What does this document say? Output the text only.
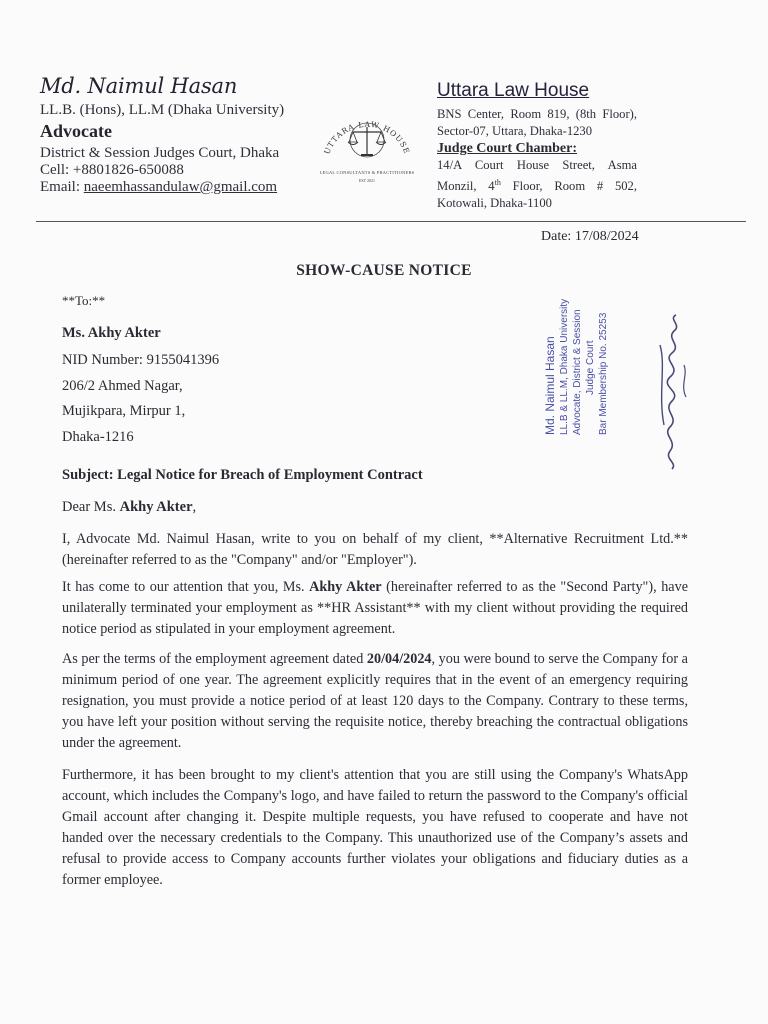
Md. Naimul Hasan
LL.B. (Hons), LL.M (Dhaka University)
Advocate
District & Session Judges Court, Dhaka
Cell: +8801826-650088
Email: naeemhassandulaw@gmail.com
UTTARA LAW HOUSE
LEGAL CONSULTANTS & PRACTITIONERS
EST 2021
Uttara Law House
BNS Center, Room 819, (8th Floor), Sector-07, Uttara, Dhaka-1230
Judge Court Chamber:
14/A Court House Street, Asma Monzil, 4th Floor, Room # 502, Kotowali, Dhaka-1100
Date: 17/08/2024
SHOW-CAUSE NOTICE
**To:**
Ms. Akhy Akter
NID Number: 9155041396
206/2 Ahmed Nagar,
Mujikpara, Mirpur 1,
Dhaka-1216
Md. Naimul Hasan LL.B & LL.M, Dhaka University Advocate, District & Session Judge Court Bar Membership No. 25253
Subject: Legal Notice for Breach of Employment Contract
Dear Ms. Akhy Akter,
I, Advocate Md. Naimul Hasan, write to you on behalf of my client, **Alternative Recruitment Ltd.** (hereinafter referred to as the "Company" and/or "Employer").
It has come to our attention that you, Ms. Akhy Akter (hereinafter referred to as the "Second Party"), have unilaterally terminated your employment as **HR Assistant** with my client without providing the required notice period as stipulated in your employment agreement.
As per the terms of the employment agreement dated 20/04/2024, you were bound to serve the Company for a minimum period of one year. The agreement explicitly requires that in the event of an emergency requiring resignation, you must provide a notice period of at least 120 days to the Company. Contrary to these terms, you have left your position without serving the requisite notice, thereby breaching the contractual obligations under the agreement.
Furthermore, it has been brought to my client's attention that you are still using the Company's WhatsApp account, which includes the Company's logo, and have failed to return the password to the Company's official Gmail account after changing it. Despite multiple requests, you have refused to cooperate and have not handed over the necessary credentials to the Company. This unauthorized use of the Company’s assets and refusal to provide access to Company accounts further violates your obligations and fiduciary duties as a former employee.
